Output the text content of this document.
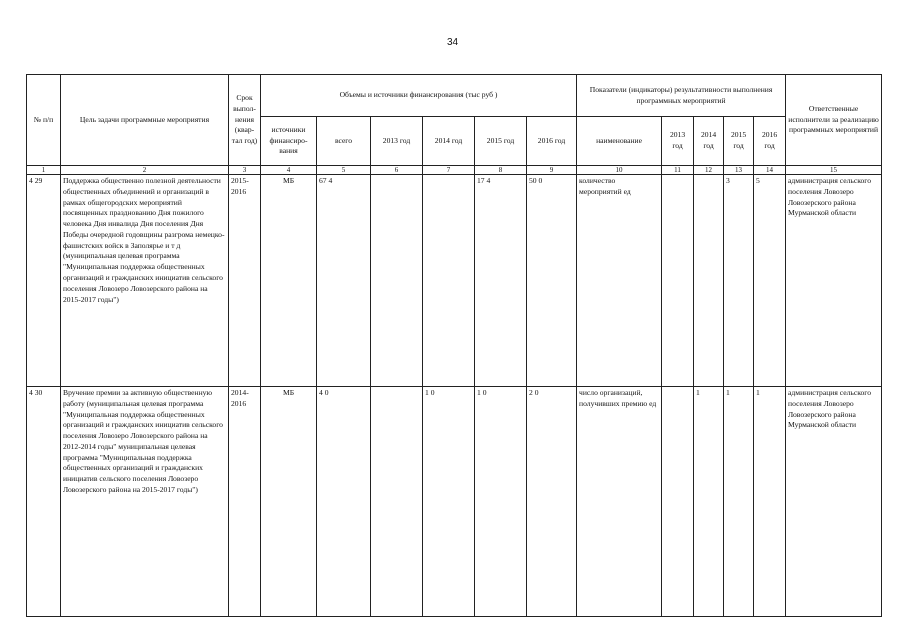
34
№ п/п	Цель задачи программные мероприятия	Срок выпол-нения (квар-тал год)	Объемы и источники финансирования (тыс руб )						Показатели (индикаторы) результативности выполнения программных мероприятий					Ответственные исполнители за реализацию программных мероприятий
			источники финансиро-вания	всего	2013 год	2014 год	2015 год	2016 год	наименование	2013 год	2014 год	2015 год	2016 год	
1	2	3	4	5	6	7	8	9	10	11	12	13	14	15
4 29	Поддержка общественно полезной деятельности общественных объединений и организаций в рамках общегородских мероприятий посвященных празднованию Дня пожилого человека Дня инвалида Дня поселения Дня Победы очередной годовщины разгрома немецко-фашистских войск в Заполярье и т д (муниципальная целевая программа "Муниципальная поддержка общественных организаций и гражданских инициатив сельского поселения Ловозеро Ловозерского района на 2015-2017 годы")	2015-2016	МБ	67 4			17 4	50 0	количество мероприятий ед			3	5	администрация сельского поселения Ловозеро Ловозерского района Мурманской области
4 30	Вручение премии за активную общественную работу (муниципальная целевая программа "Муниципальная поддержка общественных организаций и гражданских инициатив сельского поселения Ловозеро Ловозерского района на 2012-2014 годы" муниципальная целевая программа "Муниципальная поддержка общественных организаций и гражданских инициатив сельского поселения Ловозеро Ловозерского района на 2015-2017 годы")	2014-2016	МБ	4 0		1 0	1 0	2 0	число организаций, получивших премию ед		1	1	1	администрация сельского поселения Ловозеро Ловозерского района Мурманской области
